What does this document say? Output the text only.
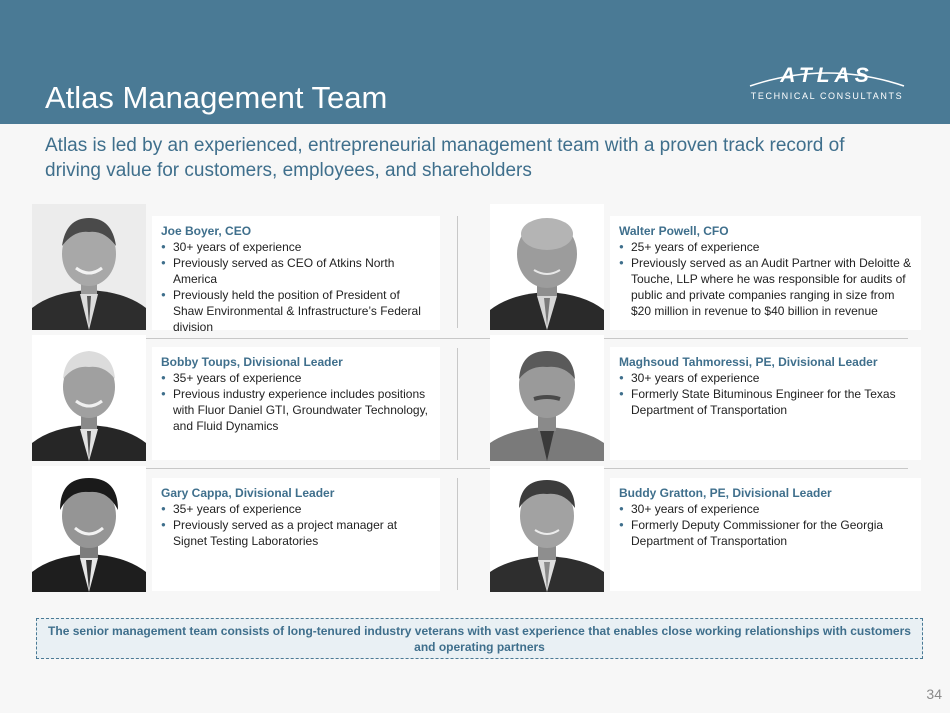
Atlas Management Team
ATLAS
TECHNICAL CONSULTANTS
Atlas is led by an experienced, entrepreneurial management team with a proven track record of driving value for customers, employees, and shareholders
Joe Boyer, CEO
● 30+ years of experience
● Previously served as CEO of Atkins North America
● Previously held the position of President of Shaw Environmental & Infrastructure’s Federal division
Walter Powell, CFO
● 25+ years of experience
● Previously served as an Audit Partner with Deloitte & Touche, LLP where he was responsible for audits of public and private companies ranging in size from $20 million in revenue to $40 billion in revenue
Bobby Toups, Divisional Leader
● 35+ years of experience
● Previous industry experience includes positions with Fluor Daniel GTI, Groundwater Technology, and Fluid Dynamics
Maghsoud Tahmoressi, PE, Divisional Leader
● 30+ years of experience
● Formerly State Bituminous Engineer for the Texas Department of Transportation
Gary Cappa, Divisional Leader
● 35+ years of experience
● Previously served as a project manager at Signet Testing Laboratories
Buddy Gratton, PE, Divisional Leader
● 30+ years of experience
● Formerly Deputy Commissioner for the Georgia Department of Transportation
The senior management team consists of long-tenured industry veterans with vast experience that enables close working relationships with customers and operating partners
34
